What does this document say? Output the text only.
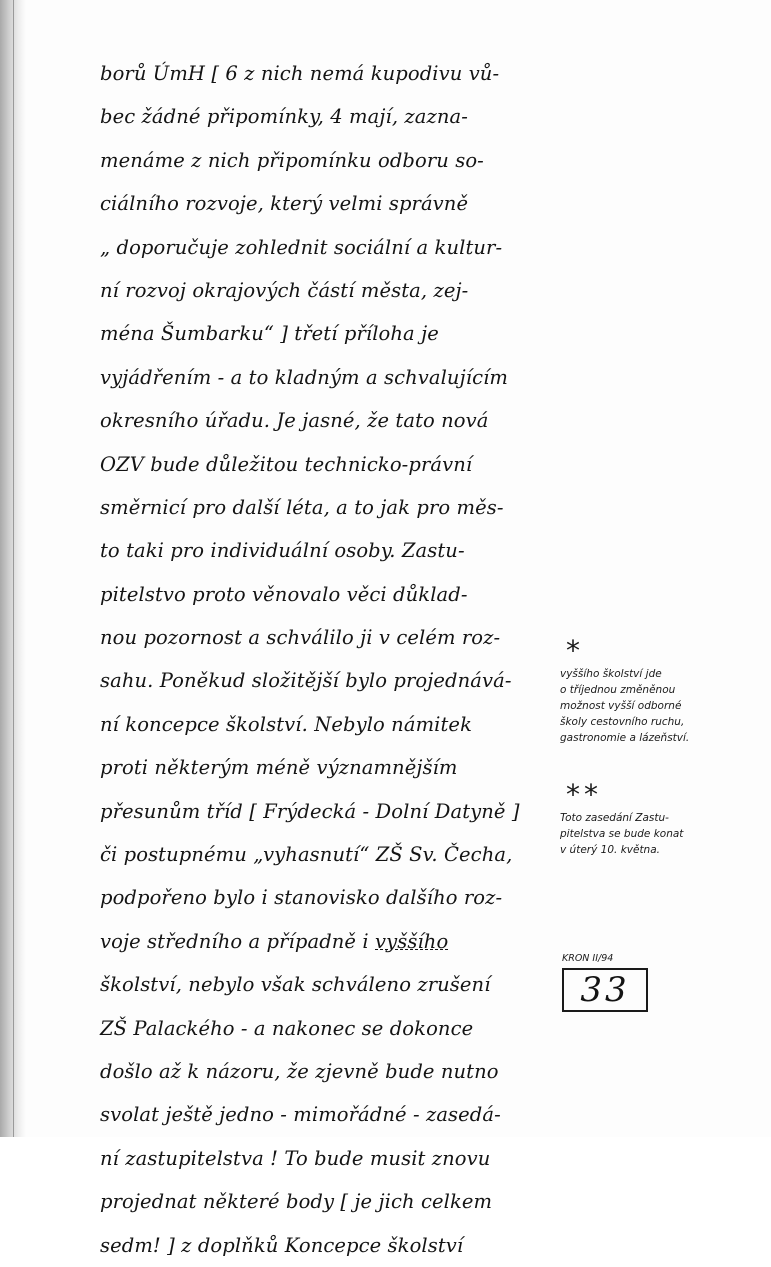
borů ÚmH [ 6 z nich nemá kupodivu vů-
bec žádné připomínky, 4 mají, zazna-
menáme z nich připomínku odboru so-
ciálního rozvoje, který velmi správně
„ doporučuje zohlednit sociální a kultur-
ní rozvoj okrajových částí města, zej-
ména Šumbarku“ ] třetí příloha je
vyjádřením - a to kladným a schvalujícím
okresního úřadu. Je jasné, že tato nová
OZV bude důležitou technicko-právní
směrnicí pro další léta, a to jak pro měs-
to taki pro individuální osoby. Zastu-
pitelstvo proto věnovalo věci důklad-
nou pozornost a schválilo ji v celém roz-
sahu. Poněkud složitější bylo projednává-
ní koncepce školství. Nebylo námitek
proti některým méně významnějším
přesunům tříd [ Frýdecká - Dolní Datyně ]
či postupnému „vyhasnutí“ ZŠ Sv. Čecha,
podpořeno bylo i stanovisko dalšího roz-
voje středního a případně i vyššího
školství, nebylo však schváleno zrušení
ZŠ Palackého - a nakonec se dokonce
došlo až k názoru, že zjevně bude nutno
svolat ještě jedno - mimořádné - zasedá-
ní zastupitelstva ! To bude musit znovu
projednat některé body [ je jich celkem
sedm! ] z doplňků Koncepce školství
*
vyššího školství jde
o tříjednou změněnou
možnost vyšší odborné
školy cestovního ruchu,
gastronomie a lázeňství.
**
Toto zasedání Zastu-
pitelstva se bude konat
v úterý 10. května.
KRON II/94
33
